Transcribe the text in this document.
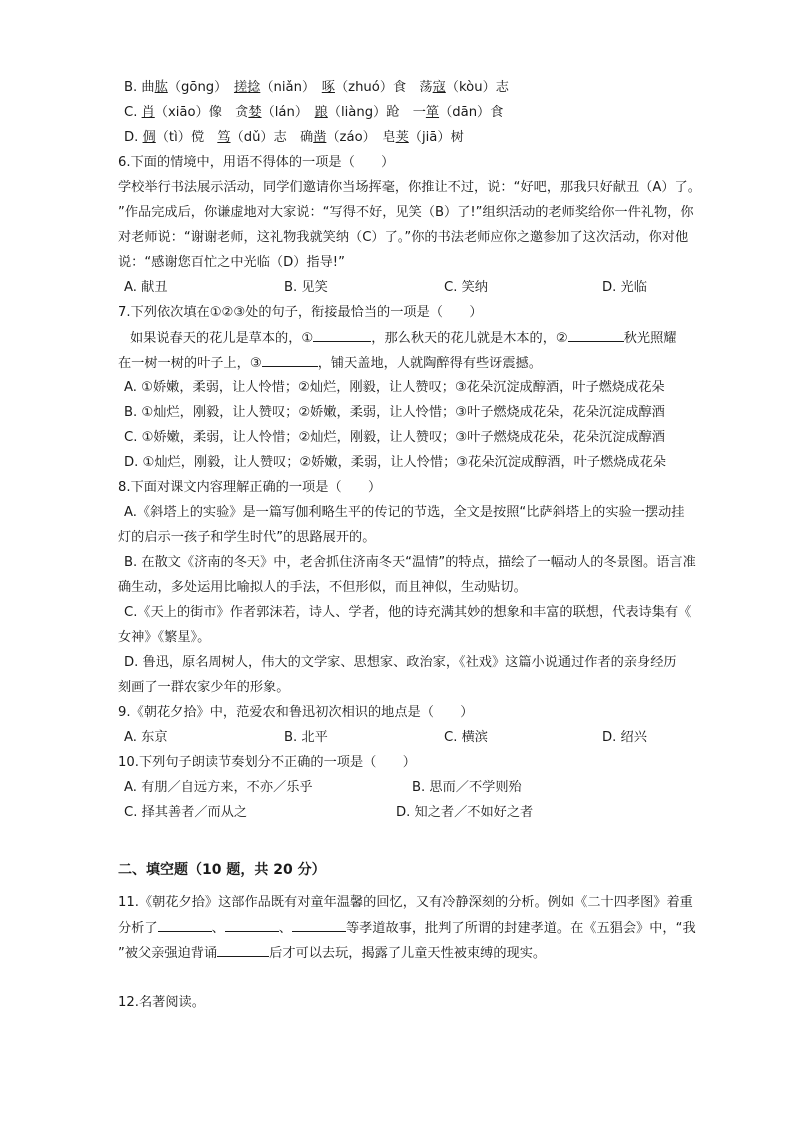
B. 曲肱（gōng）　搓捻（niǎn）　啄（zhuó）食　荡寇（kòu）志
C. 肖（xiāo）像　贪婪（lán）　踉（liàng）跄　一箪（dān）食
D. 倜（tì）傥　笃（dǔ）志　确凿（záo）　皂荚（jiā）树
6.下面的情境中，用语不得体的一项是（　　）
学校举行书法展示活动，同学们邀请你当场挥毫，你推让不过，说：“好吧，那我只好献丑（A）了。
”作品完成后，你谦虚地对大家说：“写得不好，见笑（B）了!”组织活动的老师奖给你一件礼物，你
对老师说：“谢谢老师，这礼物我就笑纳（C）了。”你的书法老师应你之邀参加了这次活动，你对他
说：“感谢您百忙之中光临（D）指导!”
A. 献丑	B. 见笑	C. 笑纳	D. 光临
7.下列依次填在①②③处的句子，衔接最恰当的一项是（　　）
如果说春天的花儿是草本的，①	，那么秋天的花儿就是木本的，②	秋光照耀
在一树一树的叶子上，③	，铺天盖地，人就陶醉得有些讶震撼。
A. ①娇嫩，柔弱，让人怜惜；②灿烂，刚毅，让人赞叹；③花朵沉淀成醇酒，叶子燃烧成花朵
B. ①灿烂，刚毅，让人赞叹；②娇嫩，柔弱，让人怜惜；③叶子燃烧成花朵，花朵沉淀成醇酒
C. ①娇嫩，柔弱，让人怜惜；②灿烂，刚毅，让人赞叹；③叶子燃烧成花朵，花朵沉淀成醇酒
D. ①灿烂，刚毅，让人赞叹；②娇嫩，柔弱，让人怜惜；③花朵沉淀成醇酒，叶子燃烧成花朵
8.下面对课文内容理解正确的一项是（　　）
A.《斜塔上的实验》是一篇写伽利略生平的传记的节选，全文是按照“比萨斜塔上的实验一摆动挂
灯的启示一孩子和学生时代”的思路展开的。
B. 在散文《济南的冬天》中，老舍抓住济南冬天“温情”的特点，描绘了一幅动人的冬景图。语言准
确生动，多处运用比喻拟人的手法，不但形似，而且神似，生动贴切。
C.《天上的街市》作者郭沫若，诗人、学者，他的诗充满其妙的想象和丰富的联想，代表诗集有《
女神》《繁星》。
D. 鲁迅，原名周树人，伟大的文学家、思想家、政治家，《社戏》这篇小说通过作者的亲身经历
刻画了一群农家少年的形象。
9.《朝花夕拾》中，范爱农和鲁迅初次相识的地点是（　　）
A. 东京	B. 北平	C. 横滨	D. 绍兴
10.下列句子朗读节奏划分不正确的一项是（　　）
A. 有朋／自远方来，不亦／乐乎	B. 思而／不学则殆
C. 择其善者／而从之	D. 知之者／不如好之者
二、填空题（10 题，共 20 分）
11.《朝花夕拾》这部作品既有对童年温馨的回忆，又有冷静深刻的分析。例如《二十四孝图》着重
分析了	、	、	等孝道故事，批判了所谓的封建孝道。在《五猖会》中，“我
”被父亲强迫背诵	后才可以去玩，揭露了儿童天性被束缚的现实。
12.名著阅读。
